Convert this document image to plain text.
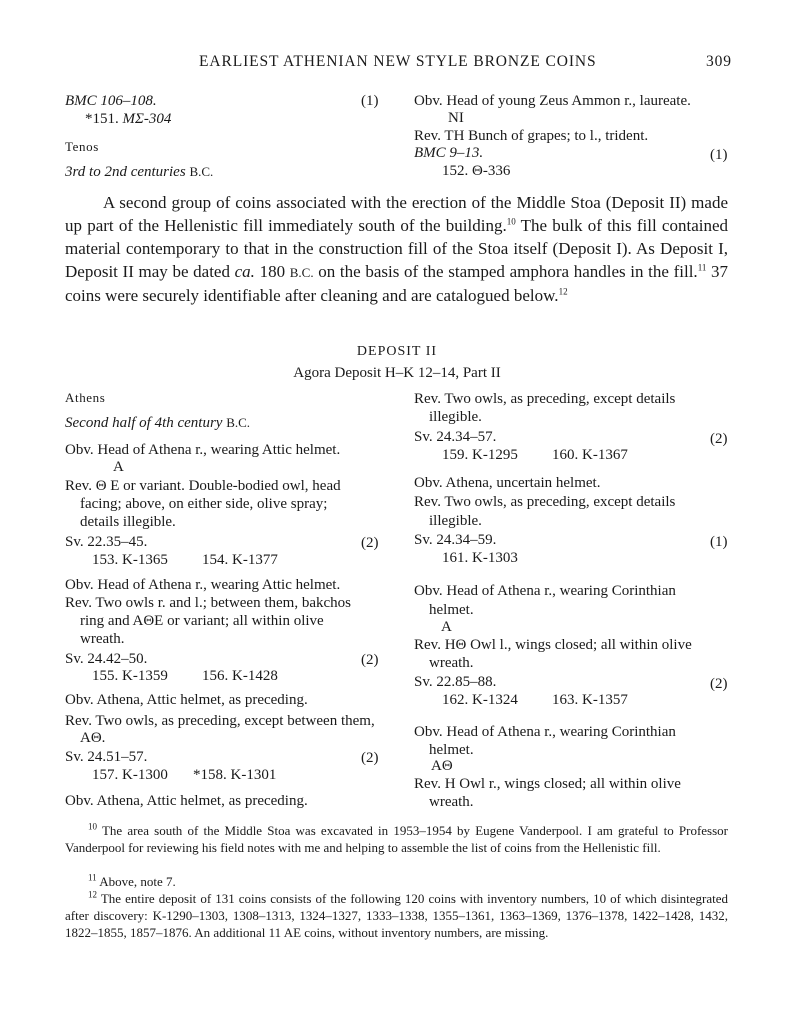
EARLIEST ATHENIAN NEW STYLE BRONZE COINS	309
BMC 106–108.	(1)
*151. MΣ-304
Tenos
3rd to 2nd centuries B.C.
Obv. Head of young Zeus Ammon r., laureate.
NI
Rev. TH Bunch of grapes; to l., trident.
BMC 9–13.	(1)
152. Θ-336
A second group of coins associated with the erection of the Middle Stoa (Deposit II) made up part of the Hellenistic fill immediately south of the building.$^{10}$ The bulk of this fill contained material contemporary to that in the construction fill of the Stoa itself (Deposit I). As Deposit I, Deposit II may be dated ca. 180 B.C. on the basis of the stamped amphora handles in the fill.$^{11}$ 37 coins were securely identifiable after cleaning and are catalogued below.$^{12}$
DEPOSIT II
Agora Deposit H–K 12–14, Part II
Athens
Second half of 4th century B.C.
Obv. Head of Athena r., wearing Attic helmet.
A
Rev. Θ E or variant. Double-bodied owl, head
facing; above, on either side, olive spray;
details illegible.
Sv. 22.35–45.	(2)
153. K-1365 154. K-1377
Obv. Head of Athena r., wearing Attic helmet.
Rev. Two owls r. and l.; between them, bakchos
ring and AΘE or variant; all within olive
wreath.
Sv. 24.42–50.	(2)
155. K-1359 156. K-1428
Obv. Athena, Attic helmet, as preceding.
Rev. Two owls, as preceding, except between them,
AΘ.
Sv. 24.51–57.	(2)
157. K-1300 *158. K-1301
Obv. Athena, Attic helmet, as preceding.
Rev. Two owls, as preceding, except details
illegible.
Sv. 24.34–57.	(2)
159. K-1295 160. K-1367
Obv. Athena, uncertain helmet.
Rev. Two owls, as preceding, except details
illegible.
Sv. 24.34–59.	(1)
161. K-1303
Obv. Head of Athena r., wearing Corinthian
helmet.
A
Rev. HΘ Owl l., wings closed; all within olive
wreath.
Sv. 22.85–88.	(2)
162. K-1324 163. K-1357
Obv. Head of Athena r., wearing Corinthian
helmet.
AΘ
Rev. H Owl r., wings closed; all within olive
wreath.
$^{10}$ The area south of the Middle Stoa was excavated in 1953–1954 by Eugene Vanderpool. I am grateful to Professor Vanderpool for reviewing his field notes with me and helping to assemble the list of coins from the Hellenistic fill.
$^{11}$ Above, note 7.
$^{12}$ The entire deposit of 131 coins consists of the following 120 coins with inventory numbers, 10 of which disintegrated after discovery: K-1290–1303, 1308–1313, 1324–1327, 1333–1338, 1355–1361, 1363–1369, 1376–1378, 1422–1428, 1432, 1822–1855, 1857–1876. An additional 11 AE coins, without inventory numbers, are missing.
